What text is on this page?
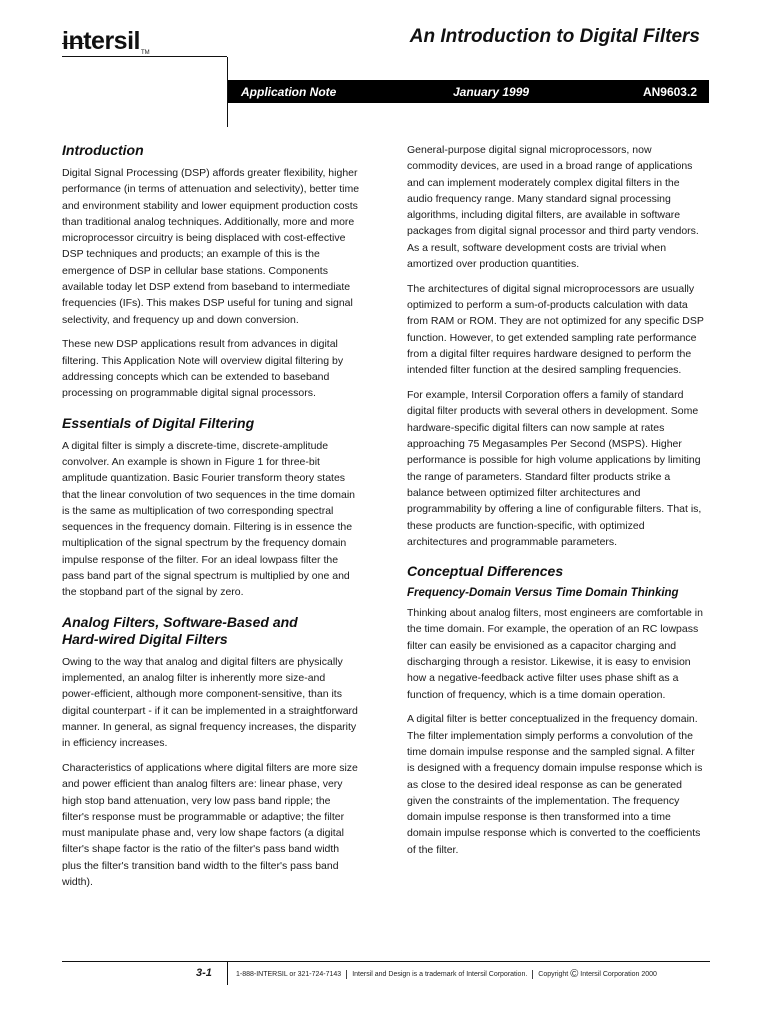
intersilTM
An Introduction to Digital Filters
Application Note	January 1999	AN9603.2
Introduction

Digital Signal Processing (DSP) affords greater flexibility, higher performance (in terms of attenuation and selectivity), better time and environment stability and lower equipment production costs than traditional analog techniques. Additionally, more and more microprocessor circuitry is being displaced with cost-effective DSP techniques and products; an example of this is the emergence of DSP in cellular base stations. Components available today let DSP extend from baseband to intermediate frequencies (IFs). This makes DSP useful for tuning and signal selectivity, and frequency up and down conversion.

These new DSP applications result from advances in digital filtering. This Application Note will overview digital filtering by addressing concepts which can be extended to baseband processing on programmable digital signal processors.

Essentials of Digital Filtering

A digital filter is simply a discrete-time, discrete-amplitude convolver. An example is shown in Figure 1 for three-bit amplitude quantization. Basic Fourier transform theory states that the linear convolution of two sequences in the time domain is the same as multiplication of two corresponding spectral sequences in the frequency domain. Filtering is in essence the multiplication of the signal spectrum by the frequency domain impulse response of the filter. For an ideal lowpass filter the pass band part of the signal spectrum is multiplied by one and the stopband part of the signal by zero.

Analog Filters, Software-Based and
Hard-wired Digital Filters

Owing to the way that analog and digital filters are physically implemented, an analog filter is inherently more size-and power-efficient, although more component-sensitive, than its digital counterpart - if it can be implemented in a straightforward manner. In general, as signal frequency increases, the disparity in efficiency increases.

Characteristics of applications where digital filters are more size and power efficient than analog filters are: linear phase, very high stop band attenuation, very low pass band ripple; the filter's response must be programmable or adaptive; the filter must manipulate phase and, very low shape factors (a digital filter's shape factor is the ratio of the filter's pass band width plus the filter's transition band width to the filter's pass band width).

General-purpose digital signal microprocessors, now commodity devices, are used in a broad range of applications and can implement moderately complex digital filters in the audio frequency range. Many standard signal processing algorithms, including digital filters, are available in software packages from digital signal processor and third party vendors. As a result, software development costs are trivial when amortized over production quantities.

The architectures of digital signal microprocessors are usually optimized to perform a sum-of-products calculation with data from RAM or ROM. They are not optimized for any specific DSP function. However, to get extended sampling rate performance from a digital filter requires hardware designed to perform the intended filter function at the desired sampling frequencies.

For example, Intersil Corporation offers a family of standard digital filter products with several others in development. Some hardware-specific digital filters can now sample at rates approaching 75 Megasamples Per Second (MSPS). Higher performance is possible for high volume applications by limiting the range of parameters. Standard filter products strike a balance between optimized filter architectures and programmability by offering a line of configurable filters. That is, these products are function-specific, with optimized architectures and programmable parameters.

Conceptual Differences
Frequency-Domain Versus Time Domain Thinking

Thinking about analog filters, most engineers are comfortable in the time domain. For example, the operation of an RC lowpass filter can easily be envisioned as a capacitor charging and discharging through a resistor. Likewise, it is easy to envision how a negative-feedback active filter uses phase shift as a function of frequency, which is a time domain operation.

A digital filter is better conceptualized in the frequency domain. The filter implementation simply performs a convolution of the time domain impulse response and the sampled signal. A filter is designed with a frequency domain impulse response which is as close to the desired ideal response as can be generated given the constraints of the implementation. The frequency domain impulse response is then transformed into a time domain impulse response which is converted to the coefficients of the filter.

3-1	1-888-INTERSIL or 321-724-7143 Intersil and Design is a trademark of Intersil Corporation. Copyright © Intersil Corporation 2000
